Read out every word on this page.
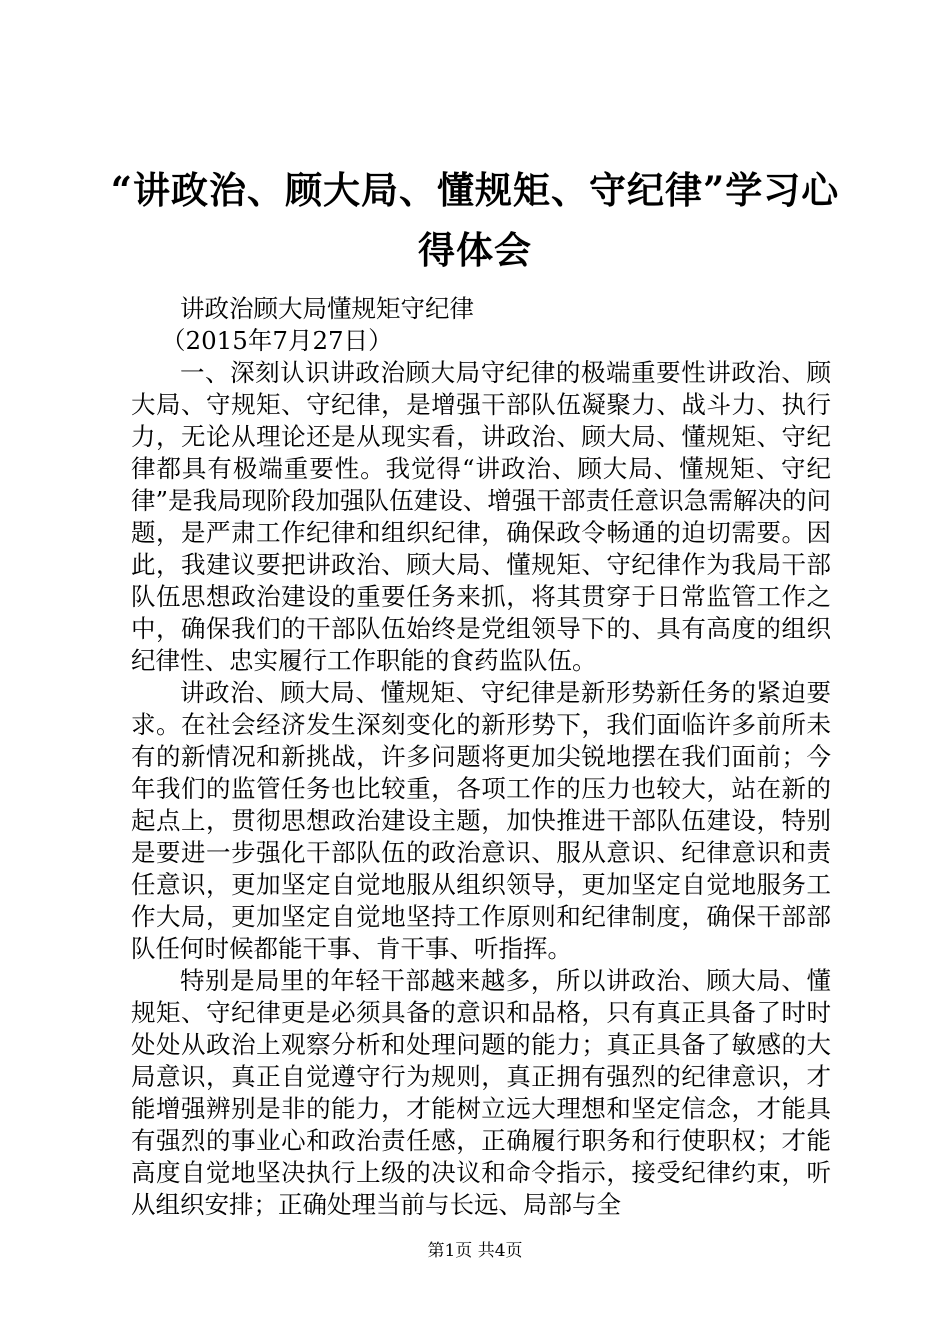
“讲政治、顾大局、懂规矩、守纪律”学习心得体会

讲政治顾大局懂规矩守纪律

（2015年7月27日）

一、深刻认识讲政治顾大局守纪律的极端重要性讲政治、顾大局、守规矩、守纪律，是增强干部队伍凝聚力、战斗力、执行力，无论从理论还是从现实看，讲政治、顾大局、懂规矩、守纪律都具有极端重要性。我觉得“讲政治、顾大局、懂规矩、守纪律”是我局现阶段加强队伍建设、增强干部责任意识急需解决的问题，是严肃工作纪律和组织纪律，确保政令畅通的迫切需要。因此，我建议要把讲政治、顾大局、懂规矩、守纪律作为我局干部队伍思想政治建设的重要任务来抓，将其贯穿于日常监管工作之中，确保我们的干部队伍始终是党组领导下的、具有高度的组织纪律性、忠实履行工作职能的食药监队伍。

讲政治、顾大局、懂规矩、守纪律是新形势新任务的紧迫要求。在社会经济发生深刻变化的新形势下，我们面临许多前所未有的新情况和新挑战，许多问题将更加尖锐地摆在我们面前；今年我们的监管任务也比较重，各项工作的压力也较大，站在新的起点上，贯彻思想政治建设主题，加快推进干部队伍建设，特别是要进一步强化干部队伍的政治意识、服从意识、纪律意识和责任意识，更加坚定自觉地服从组织领导，更加坚定自觉地服务工作大局，更加坚定自觉地坚持工作原则和纪律制度，确保干部部队任何时候都能干事、肯干事、听指挥。

特别是局里的年轻干部越来越多，所以讲政治、顾大局、懂规矩、守纪律更是必须具备的意识和品格，只有真正具备了时时处处从政治上观察分析和处理问题的能力；真正具备了敏感的大局意识，真正自觉遵守行为规则，真正拥有强烈的纪律意识，才能增强辨别是非的能力，才能树立远大理想和坚定信念，才能具有强烈的事业心和政治责任感，正确履行职务和行使职权；才能高度自觉地坚决执行上级的决议和命令指示，接受纪律约束，听从组织安排；正确处理当前与长远、局部与全

第1页 共4页
